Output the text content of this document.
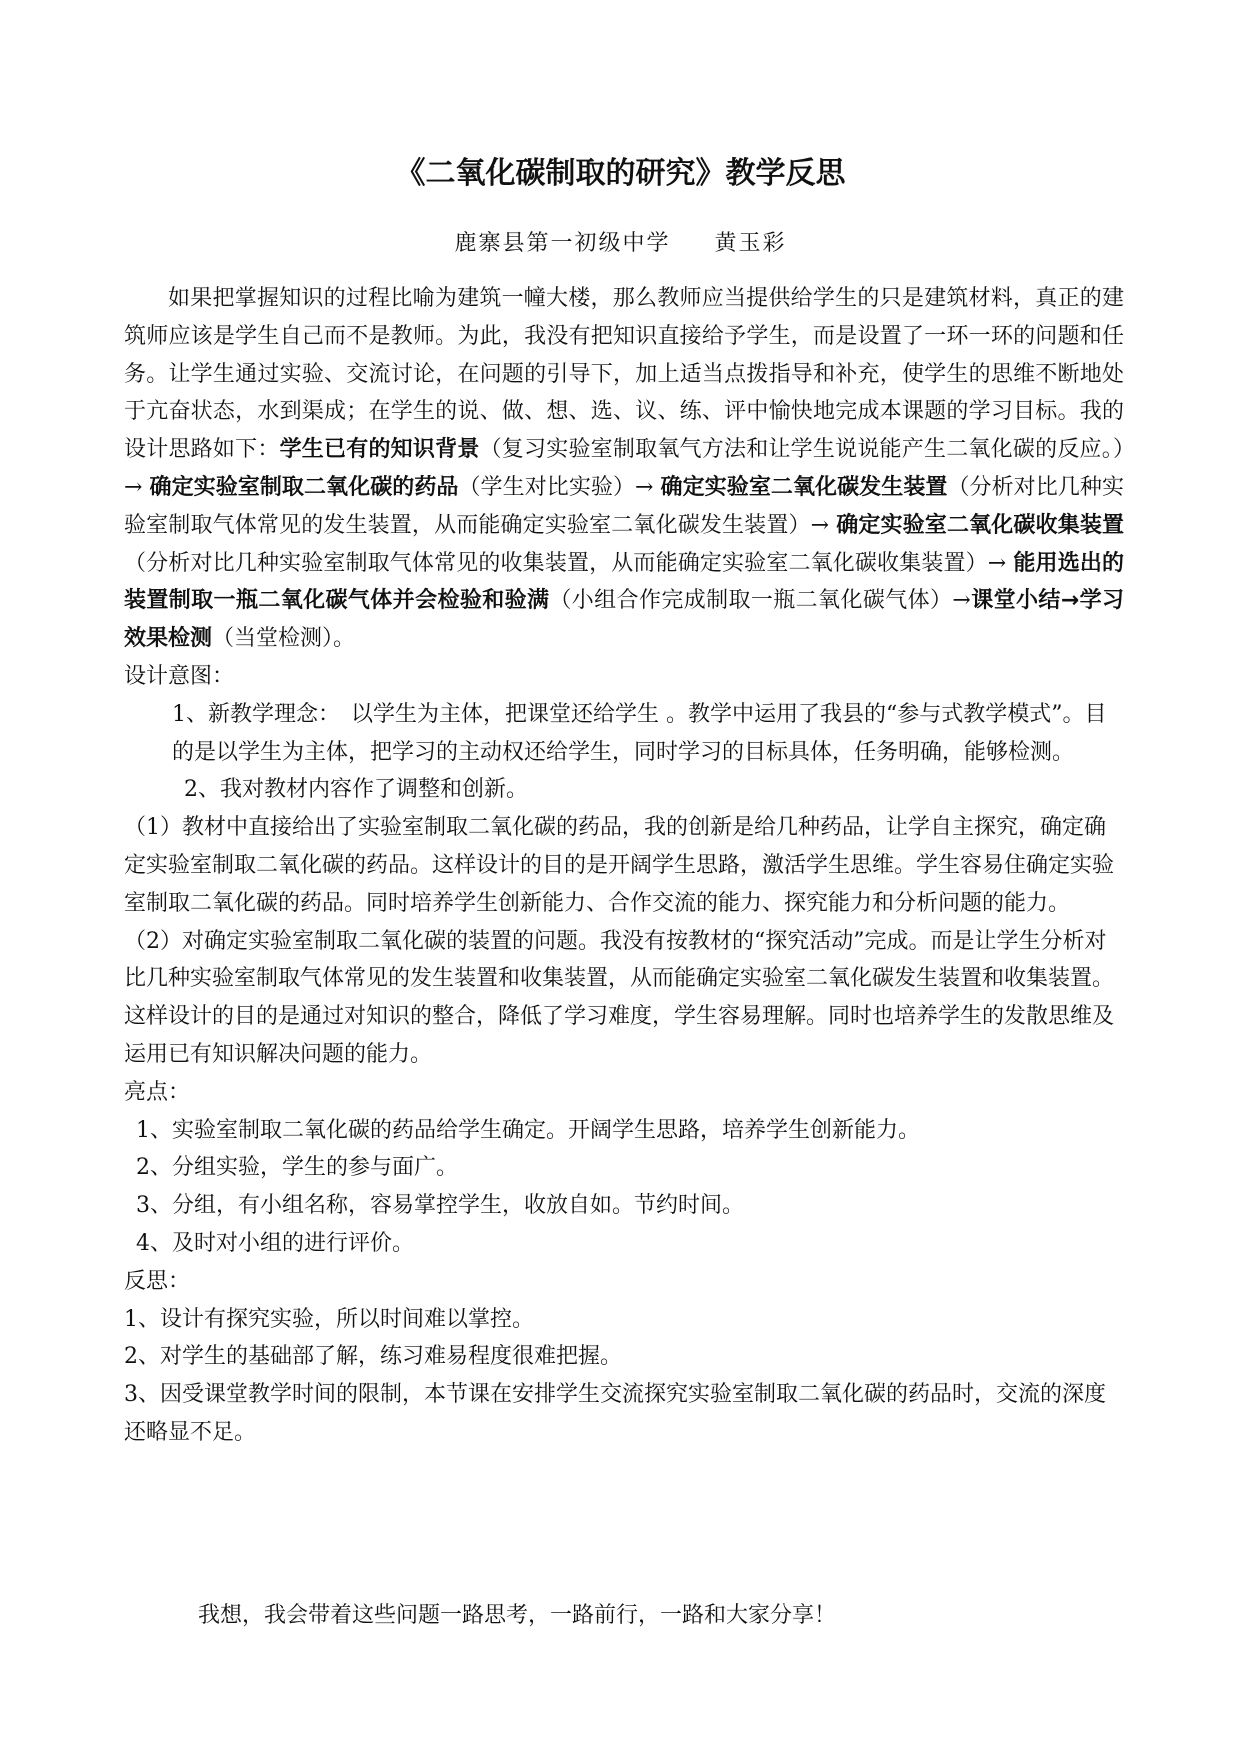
《二氧化碳制取的研究》教学反思
鹿寨县第一初级中学 黄玉彩

如果把掌握知识的过程比喻为建筑一幢大楼，那么教师应当提供给学生的只是建筑材料，真正的建筑师应该是学生自己而不是教师。为此，我没有把知识直接给予学生，而是设置了一环一环的问题和任务。让学生通过实验、交流讨论，在问题的引导下，加上适当点拨指导和补充，使学生的思维不断地处于亢奋状态，水到渠成；在学生的说、做、想、选、议、练、评中愉快地完成本课题的学习目标。我的设计思路如下：学生已有的知识背景（复习实验室制取氧气方法和让学生说说能产生二氧化碳的反应。）→ 确定实验室制取二氧化碳的药品（学生对比实验）→ 确定实验室二氧化碳发生装置（分析对比几种实验室制取气体常见的发生装置，从而能确定实验室二氧化碳发生装置）→ 确定实验室二氧化碳收集装置（分析对比几种实验室制取气体常见的收集装置，从而能确定实验室二氧化碳收集装置）→ 能用选出的装置制取一瓶二氧化碳气体并会检验和验满（小组合作完成制取一瓶二氧化碳气体）→课堂小结→学习效果检测（当堂检测）。

设计意图：

1、新教学理念：　以学生为主体，把课堂还给学生 。教学中运用了我县的“参与式教学模式”。目的是以学生为主体，把学习的主动权还给学生，同时学习的目标具体，任务明确，能够检测。

2、我对教材内容作了调整和创新。

（1）教材中直接给出了实验室制取二氧化碳的药品，我的创新是给几种药品，让学自主探究，确定确定实验室制取二氧化碳的药品。这样设计的目的是开阔学生思路，激活学生思维。学生容易住确定实验室制取二氧化碳的药品。同时培养学生创新能力、合作交流的能力、探究能力和分析问题的能力。

（2）对确定实验室制取二氧化碳的装置的问题。我没有按教材的“探究活动”完成。而是让学生分析对比几种实验室制取气体常见的发生装置和收集装置，从而能确定实验室二氧化碳发生装置和收集装置。这样设计的目的是通过对知识的整合，降低了学习难度，学生容易理解。同时也培养学生的发散思维及运用已有知识解决问题的能力。

亮点：

1、实验室制取二氧化碳的药品给学生确定。开阔学生思路，培养学生创新能力。

2、分组实验，学生的参与面广。

3、分组，有小组名称，容易掌控学生，收放自如。节约时间。

4、及时对小组的进行评价。

反思：

1、设计有探究实验，所以时间难以掌控。

2、对学生的基础部了解，练习难易程度很难把握。

3、因受课堂教学时间的限制，本节课在安排学生交流探究实验室制取二氧化碳的药品时，交流的深度还略显不足。

我想，我会带着这些问题一路思考，一路前行，一路和大家分享！
